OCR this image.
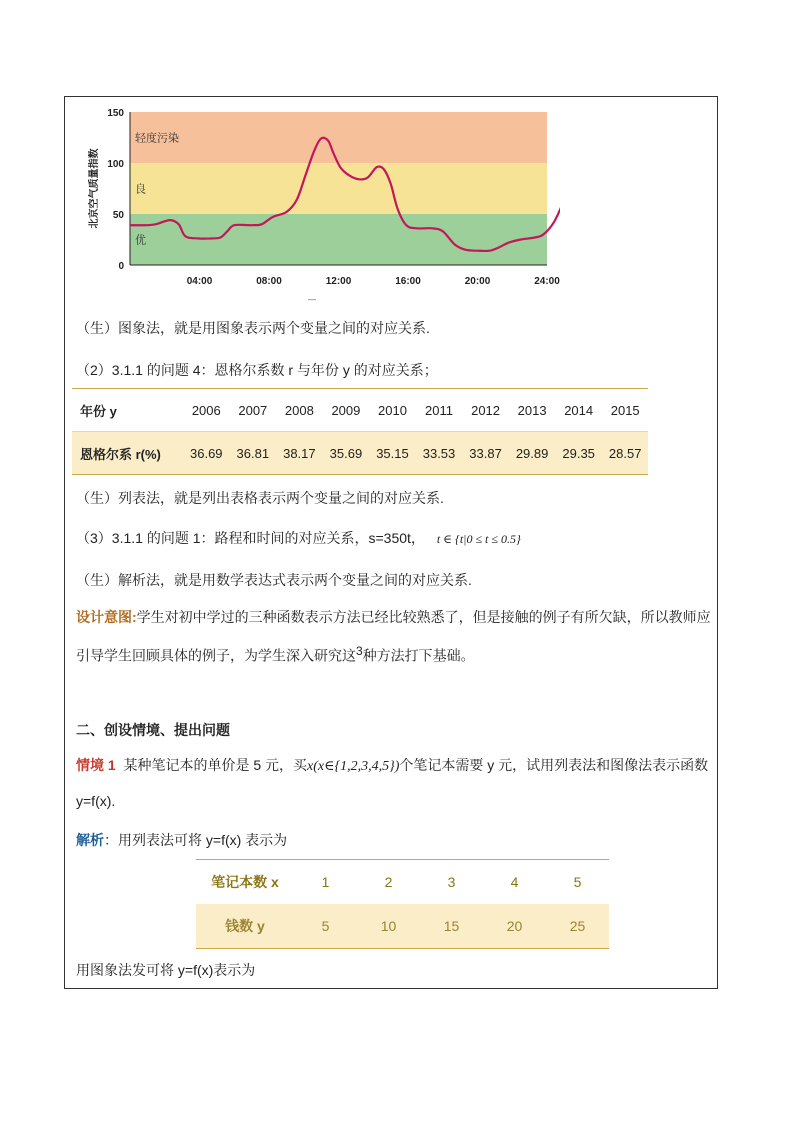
轻度污染
良
优
0
50
100
150
04:00	08:00	12:00	16:00	20:00	24:00
北京空气质量指数
—
（生）图象法，就是用图象表示两个变量之间的对应关系.
（2）3.1.1 的问题 4：恩格尔系数 r 与年份 y 的对应关系；
年份 y	2006	2007	2008	2009	2010	2011	2012	2013	2014	2015
恩格尔系 r(%)	36.69	36.81	38.17	35.69	35.15	33.53	33.87	29.89	29.35	28.57
（生）列表法，就是列出表格表示两个变量之间的对应关系.
（3）3.1.1 的问题 1：路程和时间的对应关系，s=350t， t ∈ {t|0 ≤ t ≤ 0.5}
（生）解析法，就是用数学表达式表示两个变量之间的对应关系.
设计意图:学生对初中学过的三种函数表示方法已经比较熟悉了，但是接触的例子有所欠缺，所以教师应引导学生回顾具体的例子，为学生深入研究这$^3$种方法打下基础。
二、创设情境、提出问题
情境 1 某种笔记本的单价是 5 元，买x(x∈{1,2,3,4,5})个笔记本需要 y 元，试用列表法和图像法表示函数 y=f(x).
解析：用列表法可将 y=f(x) 表示为
笔记本数 x	1	2	3	4	5
钱数 y	5	10	15	20	25
用图象法发可将 y=f(x)表示为
